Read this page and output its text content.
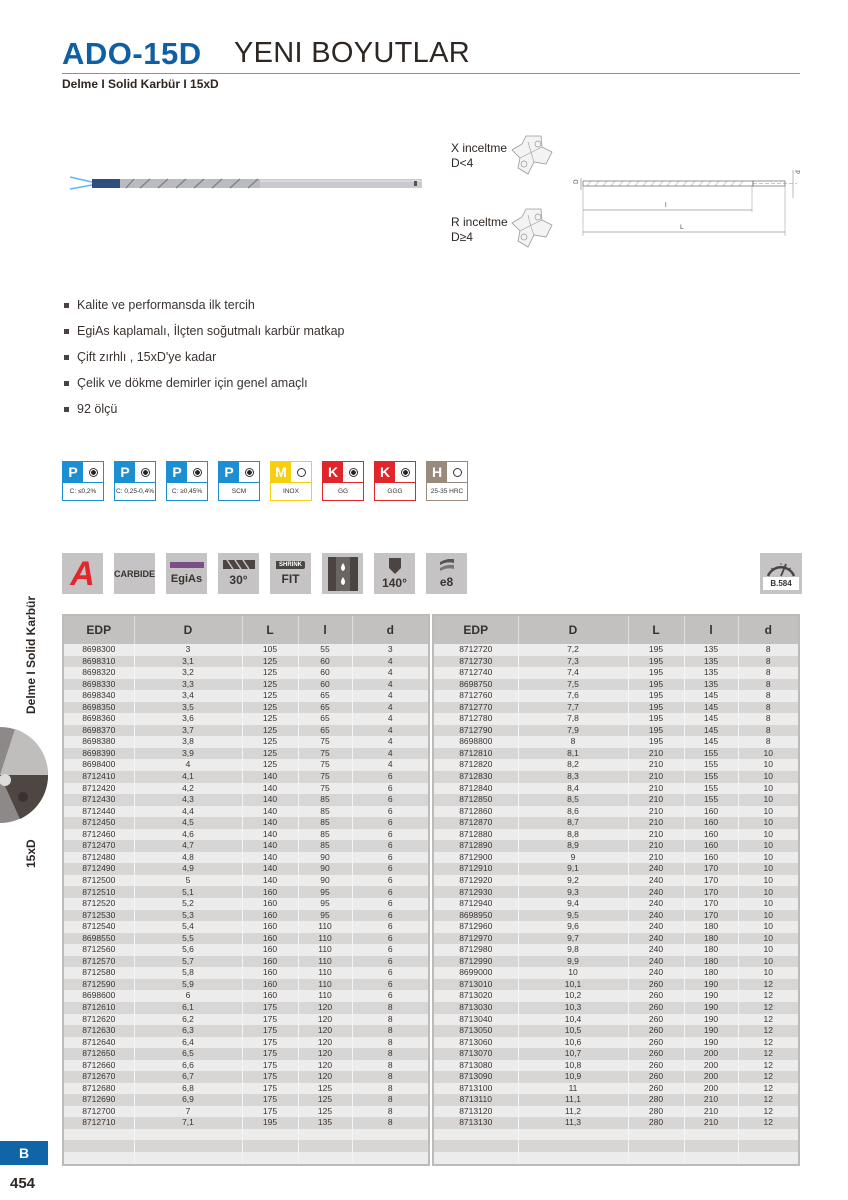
ADO-15D YENI BOYUTLAR
Delme I Solid Karbür I 15xD
X inceltme
D<4
R inceltme
D≥4
D
d
l
L
Kalite ve performansda ilk tercih
EgiAs kaplamalı, İlçten soğutmalı karbür matkap
Çift zırhlı , 15xD'ye kadar
Çelik ve dökme demirler için genel amaçlı
92 ölçü
P
C: ≤0,2%
P
C: 0,25-0,4%
P
C: ≥0,45%
P
SCM
M
INOX
K
GG
K
GGG
H
25-35 HRC
A CARBIDE EgiAs 30°
SHRINK
FIT	140°	e8	B.584
EDP	D	L	l	d
8698300	3	105	55	3
8698310	3,1	125	60	4
8698320	3,2	125	60	4
8698330	3,3	125	60	4
8698340	3,4	125	65	4
8698350	3,5	125	65	4
8698360	3,6	125	65	4
8698370	3,7	125	65	4
8698380	3,8	125	75	4
8698390	3,9	125	75	4
8698400	4	125	75	4
8712410	4,1	140	75	6
8712420	4,2	140	75	6
8712430	4,3	140	85	6
8712440	4,4	140	85	6
8712450	4,5	140	85	6
8712460	4,6	140	85	6
8712470	4,7	140	85	6
8712480	4,8	140	90	6
8712490	4,9	140	90	6
8712500	5	140	90	6
8712510	5,1	160	95	6
8712520	5,2	160	95	6
8712530	5,3	160	95	6
8712540	5,4	160	110	6
8698550	5,5	160	110	6
8712560	5,6	160	110	6
8712570	5,7	160	110	6
8712580	5,8	160	110	6
8712590	5,9	160	110	6
8698600	6	160	110	6
8712610	6,1	175	120	8
8712620	6,2	175	120	8
8712630	6,3	175	120	8
8712640	6,4	175	120	8
8712650	6,5	175	120	8
8712660	6,6	175	120	8
8712670	6,7	175	120	8
8712680	6,8	175	125	8
8712690	6,9	175	125	8
8712700	7	175	125	8
8712710	7,1	195	135	8

EDP	D	L	l	d
8712720	7,2	195	135	8
8712730	7,3	195	135	8
8712740	7,4	195	135	8
8698750	7,5	195	135	8
8712760	7,6	195	145	8
8712770	7,7	195	145	8
8712780	7,8	195	145	8
8712790	7,9	195	145	8
8698800	8	195	145	8
8712810	8,1	210	155	10
8712820	8,2	210	155	10
8712830	8,3	210	155	10
8712840	8,4	210	155	10
8712850	8,5	210	155	10
8712860	8,6	210	160	10
8712870	8,7	210	160	10
8712880	8,8	210	160	10
8712890	8,9	210	160	10
8712900	9	210	160	10
8712910	9,1	240	170	10
8712920	9,2	240	170	10
8712930	9,3	240	170	10
8712940	9,4	240	170	10
8698950	9,5	240	170	10
8712960	9,6	240	180	10
8712970	9,7	240	180	10
8712980	9,8	240	180	10
8712990	9,9	240	180	10
8699000	10	240	180	10
8713010	10,1	260	190	12
8713020	10,2	260	190	12
8713030	10,3	260	190	12
8713040	10,4	260	190	12
8713050	10,5	260	190	12
8713060	10,6	260	190	12
8713070	10,7	260	200	12
8713080	10,8	260	200	12
8713090	10,9	260	200	12
8713100	11	260	200	12
8713110	11,1	280	210	12
8713120	11,2	280	210	12
8713130	11,3	280	210	12

Delme I Solid Karbür
15xD
B
454
